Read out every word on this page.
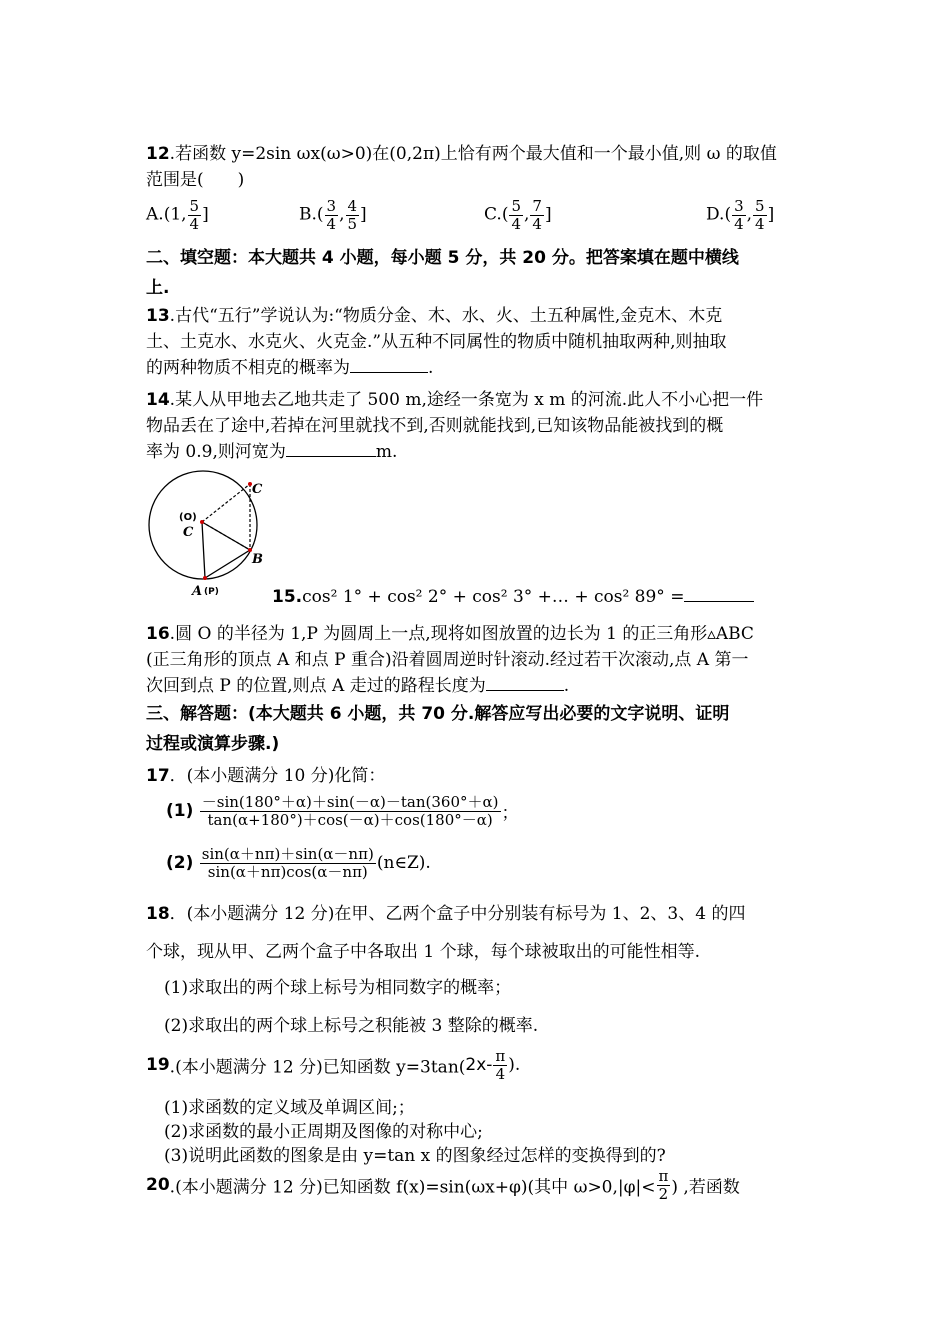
12.若函数 y=2sin ωx(ω>0)在(0,2π)上恰有两个最大值和一个最小值,则 ω 的取值
范围是(　　)
A.(1, $\frac{5}{4}$ ]	$B.( \frac{3}{4}$ , $\frac{4}{5}$ ]	$C.( \frac{5}{4}$ , $\frac{7}{4}$ ]	$D.( \frac{3}{4}$ , $\frac{5}{4}$ ]
二、填空题：本大题共 4 小题，每小题 5 分，共 20 分。把答案填在题中横线
上.
13.古代“五行”学说认为:“物质分金、木、水、火、土五种属性,金克木、木克
土、土克水、水克火、火克金.”从五种不同属性的物质中随机抽取两种,则抽取
的两种物质不相克的概率为	.
14.某人从甲地去乙地共走了 500 m,途经一条宽为 x m 的河流.此人不小心把一件
物品丢在了途中,若掉在河里就找不到,否则就能找到,已知该物品能被找到的概
率为 0.9,则河宽为	m.
C
(O)
C
B
A (P)	15.cos² 1° + cos² 2° + cos² 3° +… + cos² 89° =
16.圆 O 的半径为 1,P 为圆周上一点,现将如图放置的边长为 1 的正三角形▵ABC
(正三角形的顶点 A 和点 P 重合)沿着圆周逆时针滚动.经过若干次滚动,点 A 第一
次回到点 P 的位置,则点 A 走过的路程长度为	.
三、解答题：(本大题共 6 小题，共 70 分.解答应写出必要的文字说明、证明
过程或演算步骤.)
17．(本小题满分 10 分)化简：
$(1) \frac{-\sin(180^\circ+\alpha)+\sin(-\alpha)-\tan(360^\circ+\alpha)}{\tan(\alpha+180^\circ)+\cos(-\alpha)+\cos(180^\circ-\alpha)}$ ；
$(2) \frac{\sin(\alpha+n\pi)+\sin(\alpha-n\pi)}{\sin(\alpha+n\pi)\cos(\alpha-n\pi)}$ (n∈Z).
18．(本小题满分 12 分)在甲、乙两个盒子中分别装有标号为 1、2、3、4 的四
个球，现从甲、乙两个盒子中各取出 1 个球，每个球被取出的可能性相等.
(1)求取出的两个球上标号为相同数字的概率；
(2)求取出的两个球上标号之积能被 3 整除的概率.
19.(本小题满分 12 分)已知函数 $y=3\tan(2x- \frac{\pi}{4}$ ).
(1)求函数的定义域及单调区间;；
(2)求函数的最小正周期及图像的对称中心;
(3)说明此函数的图象是由 y=tan x 的图象经过怎样的变换得到的?
20.(本小题满分 12 分)已知函数 f(x)=sin(ωx+φ)(其中 $\omega>0,|\varphi|< \frac{\pi}{2}$ ) ,若函数
